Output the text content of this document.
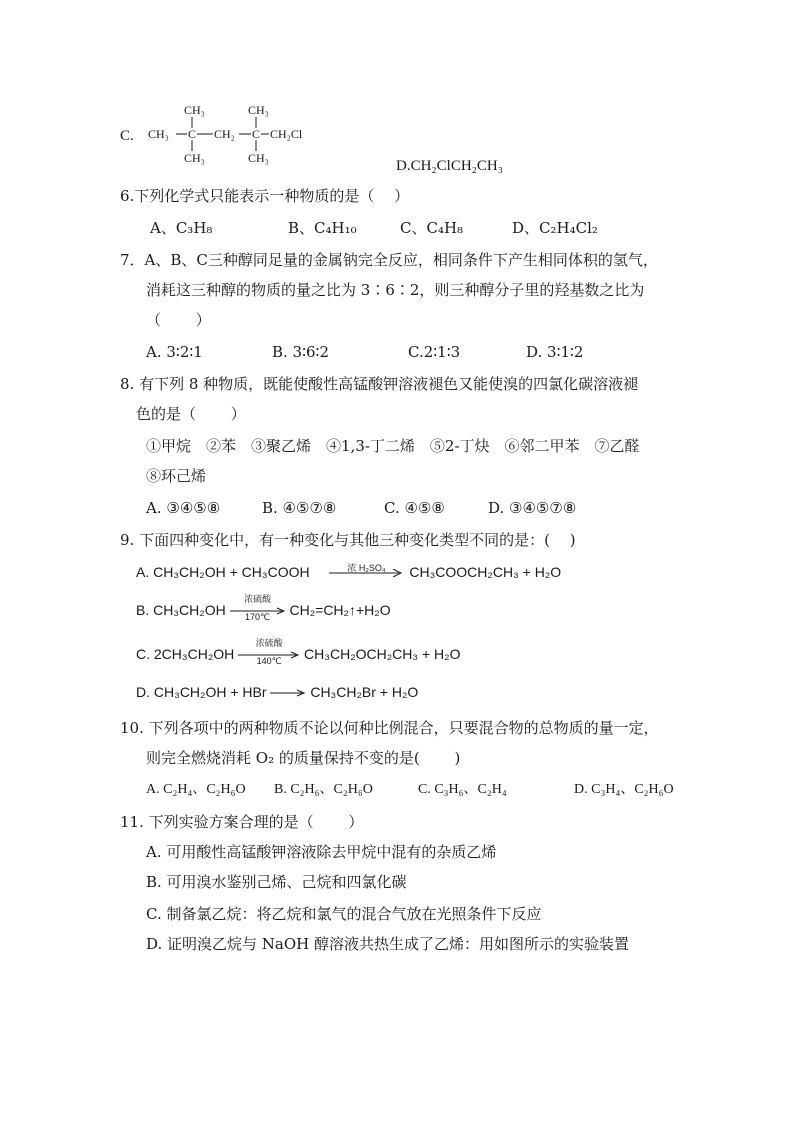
C. CH₃
CH₃
C
CH₃
CH₂
CH₃
C
CH₃
CH₂Cl
D.CH₂ClCH₂CH₃
6.下列化学式只能表示一种物质的是（　 ）
A、C₃H₈	B、C₄H₁₀	C、C₄H₈	D、C₂H₄Cl₂
7．A、B、C三种醇同足量的金属钠完全反应，相同条件下产生相同体积的氢气，
消耗这三种醇的物质的量之比为 3∶6∶2，则三种醇分子里的羟基数之比为
（　　 ）
A. 3∶2∶1	B. 3∶6∶2	C.2∶1∶3	D. 3∶1∶2
8. 有下列 8 种物质，既能使酸性高锰酸钾溶液褪色又能使溴的四氯化碳溶液褪
色的是（　　 ）
①甲烷　②苯　③聚乙烯　④1,3-丁二烯　⑤2-丁炔　⑥邻二甲苯　⑦乙醛
⑧环己烯
A. ③④⑤⑧	B. ④⑤⑦⑧	C. ④⑤⑧	D. ③④⑤⑦⑧
9. 下面四种变化中，有一种变化与其他三种变化类型不同的是：(　 )
A. CH₃CH₂OH + CH₃COOH	浓 H₂SO₄	CH₃COOCH₂CH₃ + H₂O
B. CH₃CH₂OH
浓硫酸
170℃	CH₂=CH₂↑+H₂O
C. 2CH₃CH₂OH
浓硫酸
140℃	CH₃CH₂OCH₂CH₃ + H₂O
D. CH₃CH₂OH + HBr	CH₃CH₂Br + H₂O
10. 下列各项中的两种物质不论以何种比例混合，只要混合物的总物质的量一定，
则完全燃烧消耗 O₂ 的质量保持不变的是(　　 )
A. C₂H₄、C₂H₆O B. C₂H₆、C₂H₆O	C. C₃H₆、C₂H₄	D. C₃H₄、C₂H₆O
11. 下列实验方案合理的是（　　 ）
A. 可用酸性高锰酸钾溶液除去甲烷中混有的杂质乙烯
B. 可用溴水鉴别己烯、己烷和四氯化碳
C. 制备氯乙烷：将乙烷和氯气的混合气放在光照条件下反应
D. 证明溴乙烷与 NaOH 醇溶液共热生成了乙烯：用如图所示的实验装置
